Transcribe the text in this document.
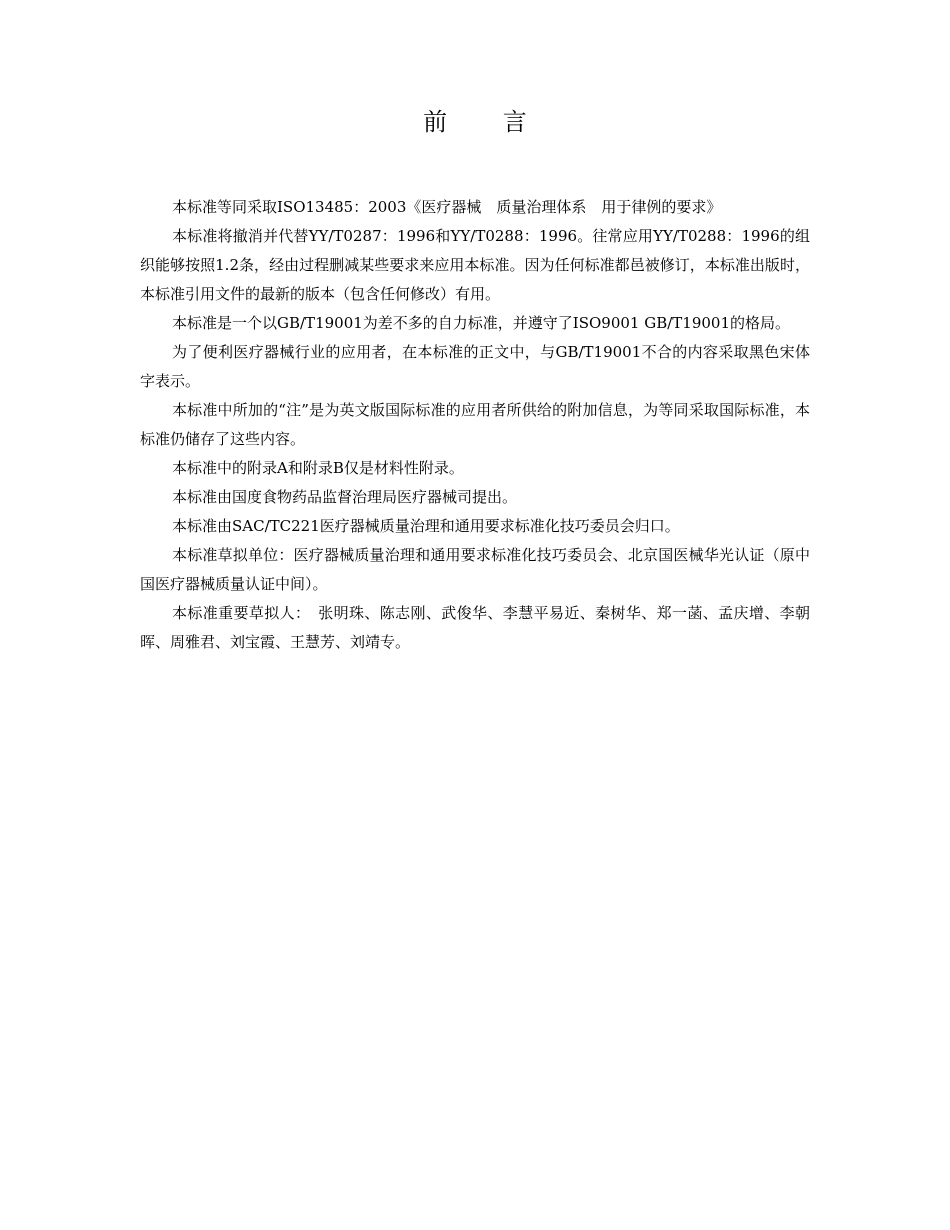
前 言

本标准等同采取ISO13485：2003《医疗器械　质量治理体系　用于律例的要求》

本标准将撤消并代替YY/T0287：1996和YY/T0288：1996。往常应用YY/T0288：1996的组织能够按照1.2条，经由过程删减某些要求来应用本标准。因为任何标准都邑被修订，本标准出版时，本标准引用文件的最新的版本（包含任何修改）有用。

本标准是一个以GB/T19001为差不多的自力标准，并遵守了ISO9001 GB/T19001的格局。

为了便利医疗器械行业的应用者，在本标准的正文中，与GB/T19001不合的内容采取黑色宋体字表示。

本标准中所加的“注”是为英文版国际标准的应用者所供给的附加信息，为等同采取国际标准，本标准仍储存了这些内容。

本标准中的附录A和附录B仅是材料性附录。

本标准由国度食物药品监督治理局医疗器械司提出。

本标准由SAC/TC221医疗器械质量治理和通用要求标准化技巧委员会归口。

本标准草拟单位：医疗器械质量治理和通用要求标准化技巧委员会、北京国医械华光认证（原中国医疗器械质量认证中间）。

本标准重要草拟人：　张明珠、陈志刚、武俊华、李慧平易近、秦树华、郑一菡、孟庆增、李朝晖、周雅君、刘宝霞、王慧芳、刘靖专。
